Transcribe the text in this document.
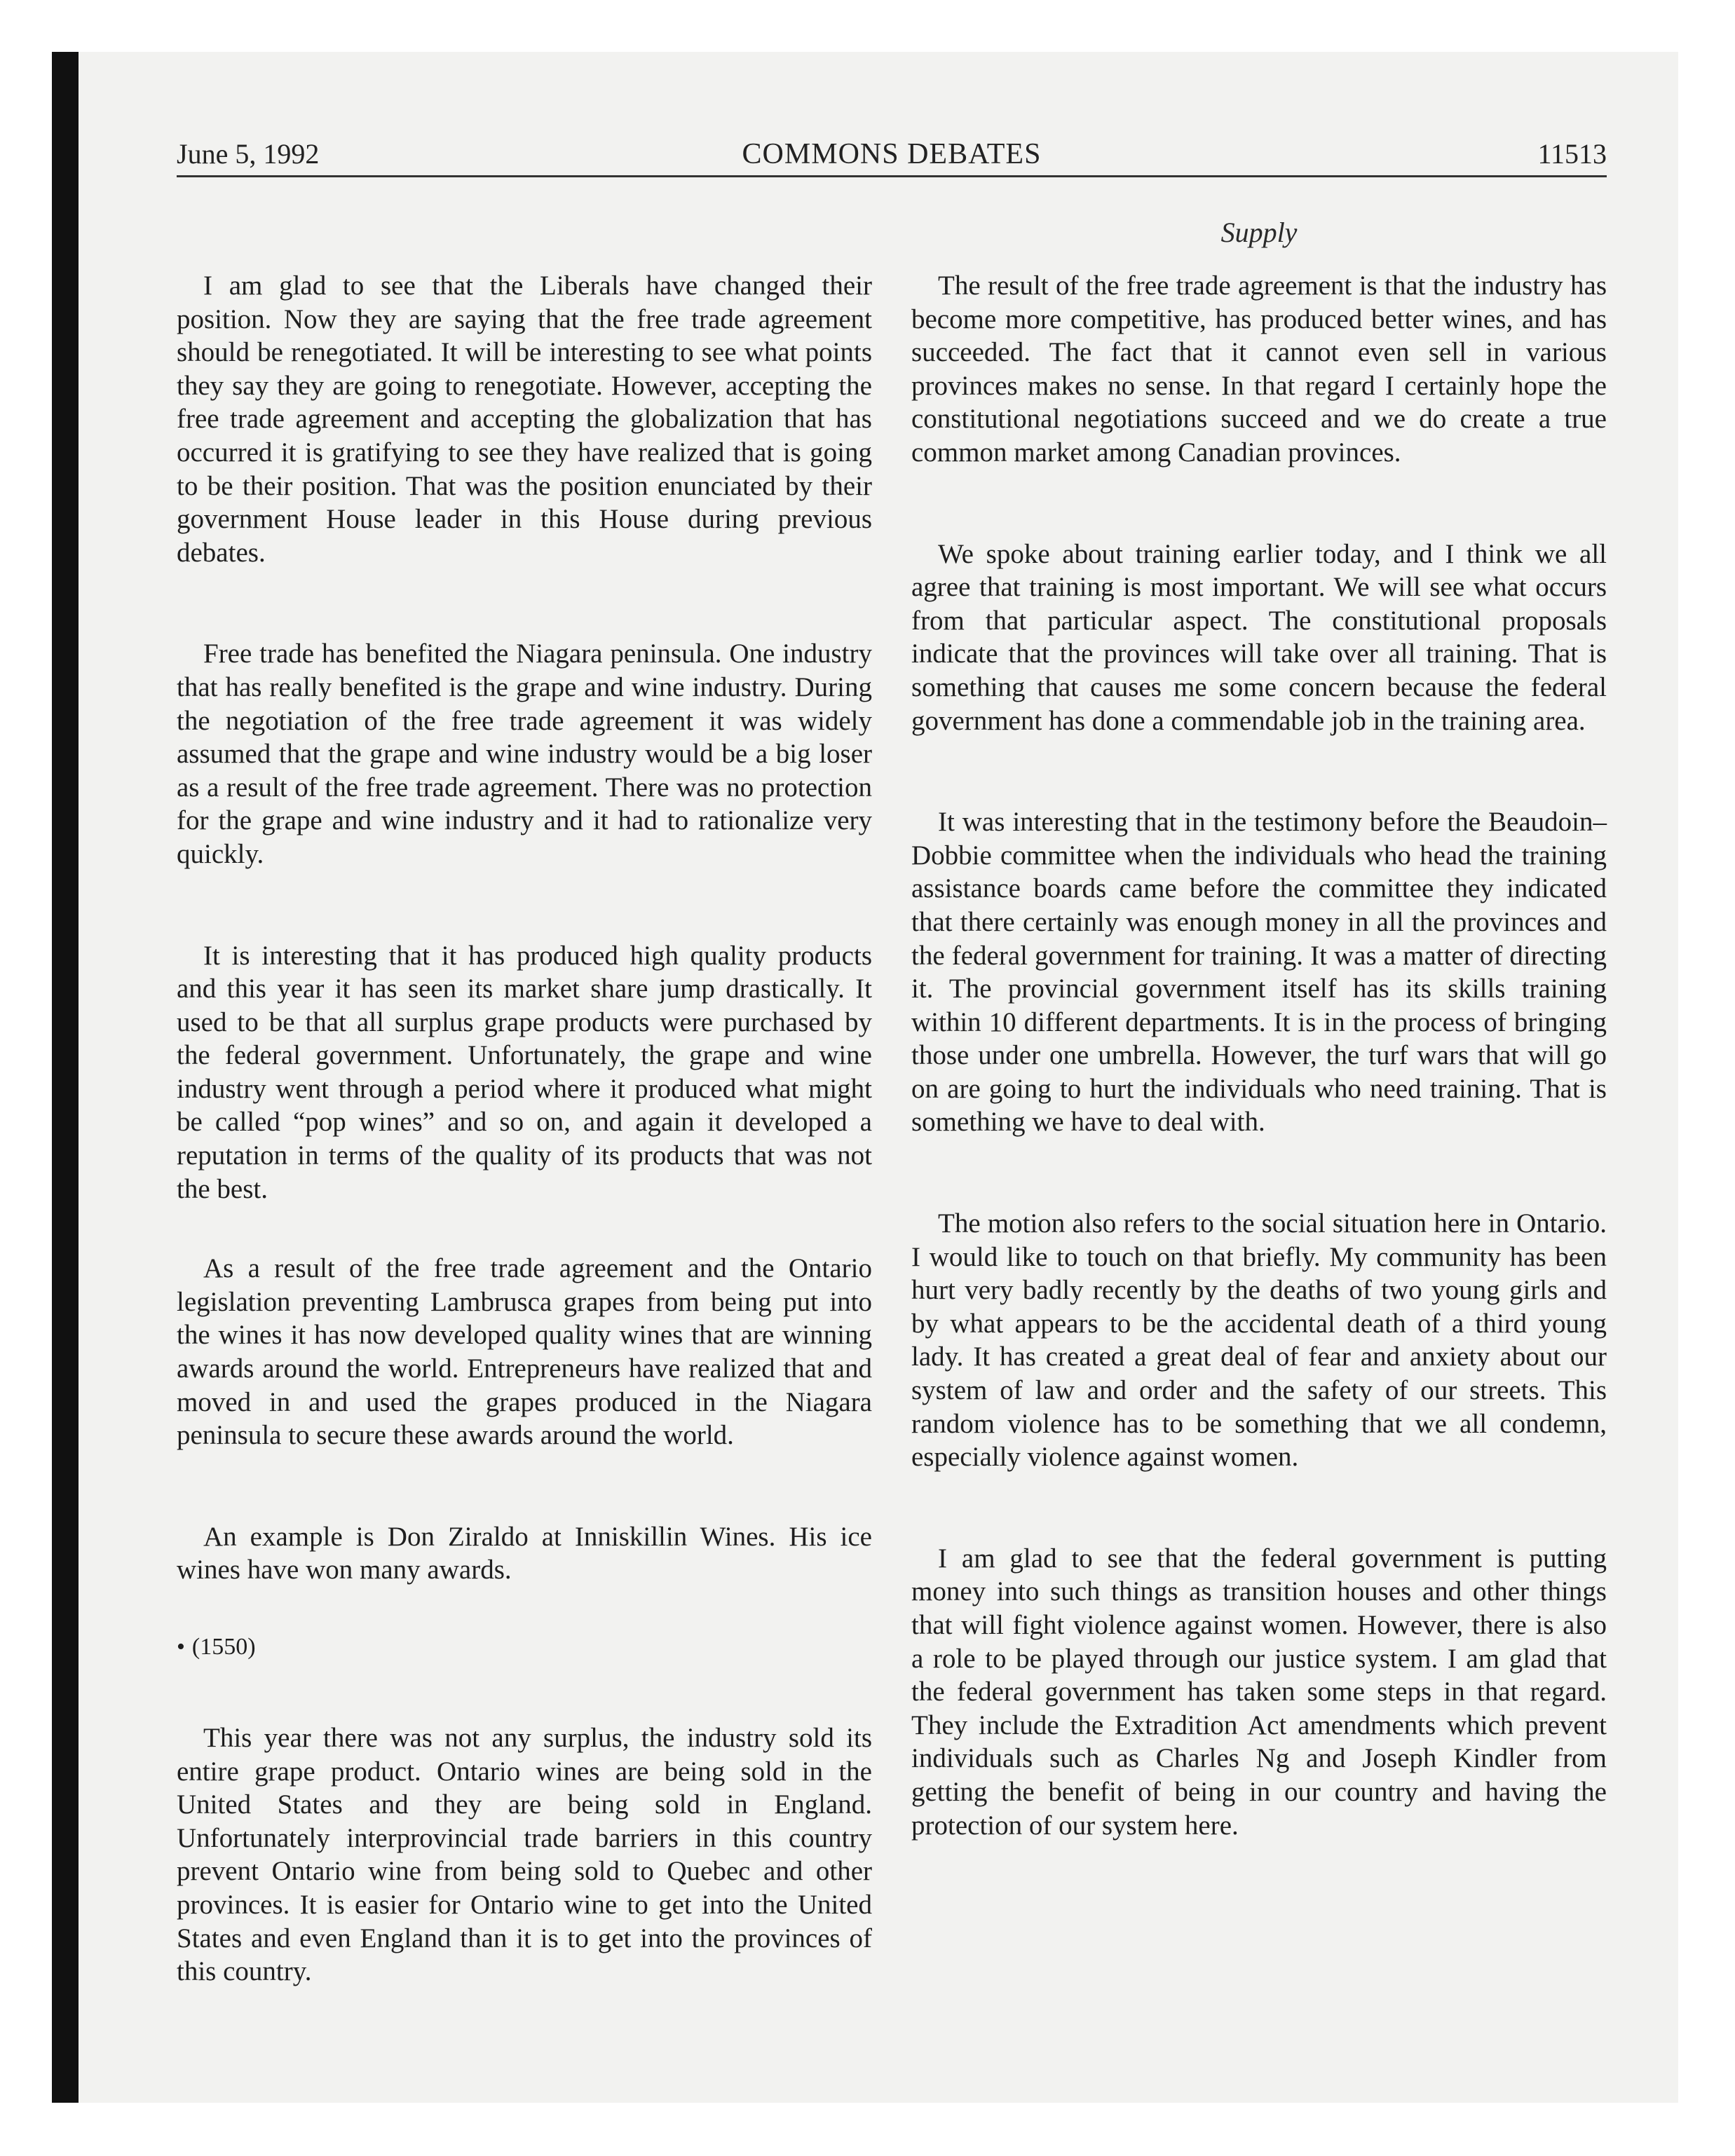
June 5, 1992	COMMONS DEBATES	11513
Supply

I am glad to see that the Liberals have changed their position. Now they are saying that the free trade agreement should be renegotiated. It will be interesting to see what points they say they are going to renegotiate. However, accepting the free trade agreement and accepting the globalization that has occurred it is gratifying to see they have realized that is going to be their position. That was the position enunciated by their government House leader in this House during previous debates.

Free trade has benefited the Niagara peninsula. One industry that has really benefited is the grape and wine industry. During the negotiation of the free trade agreement it was widely assumed that the grape and wine industry would be a big loser as a result of the free trade agreement. There was no protection for the grape and wine industry and it had to rationalize very quickly.

It is interesting that it has produced high quality products and this year it has seen its market share jump drastically. It used to be that all surplus grape products were purchased by the federal government. Unfortunately, the grape and wine industry went through a period where it produced what might be called “pop wines” and so on, and again it developed a reputation in terms of the quality of its products that was not the best.

As a result of the free trade agreement and the Ontario legislation preventing Lambrusca grapes from being put into the wines it has now developed quality wines that are winning awards around the world. Entrepreneurs have realized that and moved in and used the grapes produced in the Niagara peninsula to secure these awards around the world.

An example is Don Ziraldo at Inniskillin Wines. His ice wines have won many awards.

• (1550)

This year there was not any surplus, the industry sold its entire grape product. Ontario wines are being sold in the United States and they are being sold in England. Unfortunately interprovincial trade barriers in this country prevent Ontario wine from being sold to Quebec and other provinces. It is easier for Ontario wine to get into the United States and even England than it is to get into the provinces of this country.

The result of the free trade agreement is that the industry has become more competitive, has produced better wines, and has succeeded. The fact that it cannot even sell in various provinces makes no sense. In that regard I certainly hope the constitutional negotiations succeed and we do create a true common market among Canadian provinces.

We spoke about training earlier today, and I think we all agree that training is most important. We will see what occurs from that particular aspect. The constitutional proposals indicate that the provinces will take over all training. That is something that causes me some concern because the federal government has done a commendable job in the training area.

It was interesting that in the testimony before the Beaudoin–Dobbie committee when the individuals who head the training assistance boards came before the committee they indicated that there certainly was enough money in all the provinces and the federal government for training. It was a matter of directing it. The provincial government itself has its skills training within 10 different departments. It is in the process of bringing those under one umbrella. However, the turf wars that will go on are going to hurt the individuals who need training. That is something we have to deal with.

The motion also refers to the social situation here in Ontario. I would like to touch on that briefly. My community has been hurt very badly recently by the deaths of two young girls and by what appears to be the accidental death of a third young lady. It has created a great deal of fear and anxiety about our system of law and order and the safety of our streets. This random violence has to be something that we all condemn, especially violence against women.

I am glad to see that the federal government is putting money into such things as transition houses and other things that will fight violence against women. However, there is also a role to be played through our justice system. I am glad that the federal government has taken some steps in that regard. They include the Extradition Act amendments which prevent individuals such as Charles Ng and Joseph Kindler from getting the benefit of being in our country and having the protection of our system here.
